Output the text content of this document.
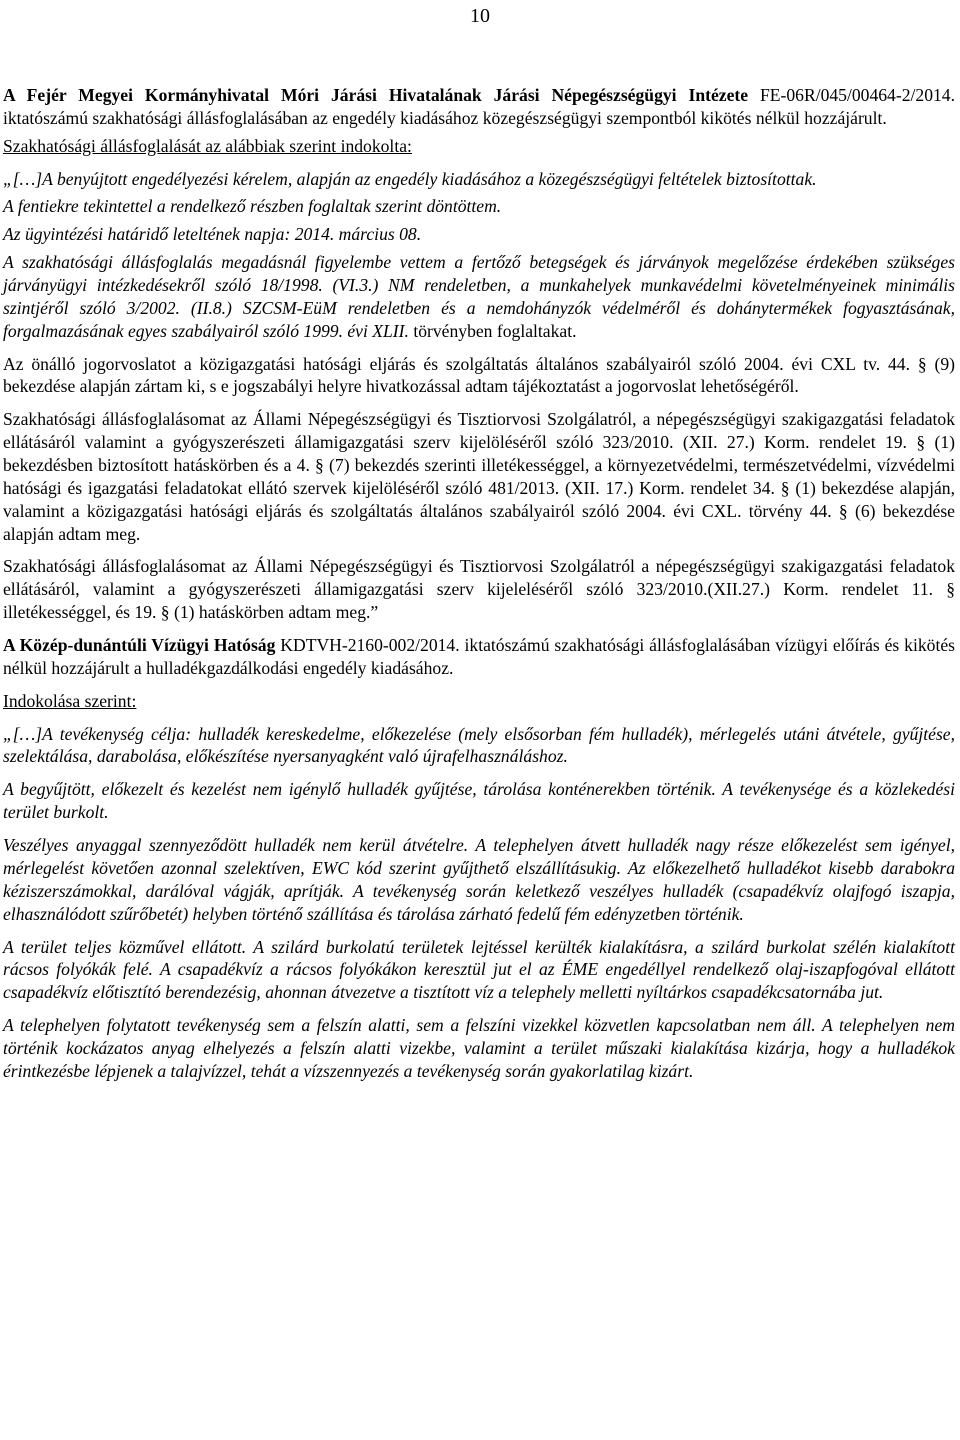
10

A Fejér Megyei Kormányhivatal Móri Járási Hivatalának Járási Népegészségügyi Intézete FE-06R/045/00464-2/2014. iktatószámú szakhatósági állásfoglalásában az engedély kiadásához közegészségügyi szempontból kikötés nélkül hozzájárult.

Szakhatósági állásfoglalását az alábbiak szerint indokolta:

„[…]A benyújtott engedélyezési kérelem, alapján az engedély kiadásához a közegészségügyi feltételek biztosítottak.

A fentiekre tekintettel a rendelkező részben foglaltak szerint döntöttem.

Az ügyintézési határidő leteltének napja: 2014. március 08.

A szakhatósági állásfoglalás megadásnál figyelembe vettem a fertőző betegségek és járványok megelőzése érdekében szükséges járványügyi intézkedésekről szóló 18/1998. (VI.3.) NM rendeletben, a munkahelyek munkavédelmi követelményeinek minimális szintjéről szóló 3/2002. (II.8.) SZCSM-EüM rendeletben és a nemdohányzók védelméről és dohánytermékek fogyasztásának, forgalmazásának egyes szabályairól szóló 1999. évi XLII. törvényben foglaltakat.

Az önálló jogorvoslatot a közigazgatási hatósági eljárás és szolgáltatás általános szabályairól szóló 2004. évi CXL tv. 44. § (9) bekezdése alapján zártam ki, s e jogszabályi helyre hivatkozással adtam tájékoztatást a jogorvoslat lehetőségéről.

Szakhatósági állásfoglalásomat az Állami Népegészségügyi és Tisztiorvosi Szolgálatról, a népegészségügyi szakigazgatási feladatok ellátásáról valamint a gyógyszerészeti államigazgatási szerv kijelöléséről szóló 323/2010. (XII. 27.) Korm. rendelet 19. § (1) bekezdésben biztosított hatáskörben és a 4. § (7) bekezdés szerinti illetékességgel, a környezetvédelmi, természetvédelmi, vízvédelmi hatósági és igazgatási feladatokat ellátó szervek kijelöléséről szóló 481/2013. (XII. 17.) Korm. rendelet 34. § (1) bekezdése alapján, valamint a közigazgatási hatósági eljárás és szolgáltatás általános szabályairól szóló 2004. évi CXL. törvény 44. § (6) bekezdése alapján adtam meg.

Szakhatósági állásfoglalásomat az Állami Népegészségügyi és Tisztiorvosi Szolgálatról a népegészségügyi szakigazgatási feladatok ellátásáról, valamint a gyógyszerészeti államigazgatási szerv kijeleléséről szóló 323/2010.(XII.27.) Korm. rendelet 11. § illetékességgel, és 19. § (1) hatáskörben adtam meg.”

A Közép-dunántúli Vízügyi Hatóság KDTVH-2160-002/2014. iktatószámú szakhatósági állásfoglalásában vízügyi előírás és kikötés nélkül hozzájárult a hulladékgazdálkodási engedély kiadásához.

Indokolása szerint:

„[…]A tevékenység célja: hulladék kereskedelme, előkezelése (mely elsősorban fém hulladék), mérlegelés utáni átvétele, gyűjtése, szelektálása, darabolása, előkészítése nyersanyagként való újrafelhasználáshoz.

A begyűjtött, előkezelt és kezelést nem igénylő hulladék gyűjtése, tárolása konténerekben történik. A tevékenysége és a közlekedési terület burkolt.

Veszélyes anyaggal szennyeződött hulladék nem kerül átvételre. A telephelyen átvett hulladék nagy része előkezelést sem igényel, mérlegelést követően azonnal szelektíven, EWC kód szerint gyűjthető elszállításukig. Az előkezelhető hulladékot kisebb darabokra kéziszerszámokkal, darálóval vágják, aprítják. A tevékenység során keletkező veszélyes hulladék (csapadékvíz olajfogó iszapja, elhasználódott szűrőbetét) helyben történő szállítása és tárolása zárható fedelű fém edényzetben történik.

A terület teljes közművel ellátott. A szilárd burkolatú területek lejtéssel kerülték kialakításra, a szilárd burkolat szélén kialakított rácsos folyókák felé. A csapadékvíz a rácsos folyókákon keresztül jut el az ÉME engedéllyel rendelkező olaj-iszapfogóval ellátott csapadékvíz előtisztító berendezésig, ahonnan átvezetve a tisztított víz a telephely melletti nyíltárkos csapadékcsatornába jut.

A telephelyen folytatott tevékenység sem a felszín alatti, sem a felszíni vizekkel közvetlen kapcsolatban nem áll. A telephelyen nem történik kockázatos anyag elhelyezés a felszín alatti vizekbe, valamint a terület műszaki kialakítása kizárja, hogy a hulladékok érintkezésbe lépjenek a talajvízzel, tehát a vízszennyezés a tevékenység során gyakorlatilag kizárt.
